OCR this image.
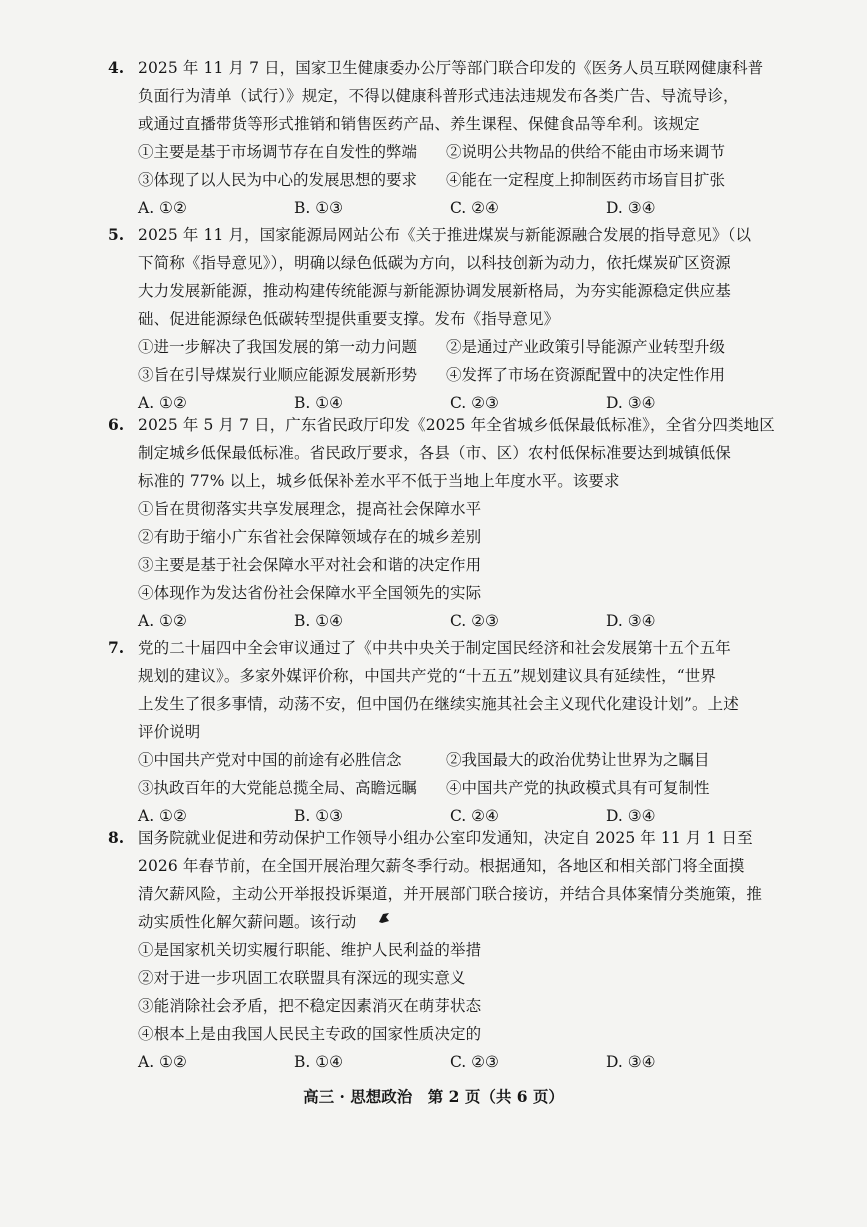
4. 2025 年 11 月 7 日，国家卫生健康委办公厅等部门联合印发的《医务人员互联网健康科普
负面行为清单（试行）》规定，不得以健康科普形式违法违规发布各类广告、导流导诊，
或通过直播带货等形式推销和销售医药产品、养生课程、保健食品等牟利。该规定
①主要是基于市场调节存在自发性的弊端 ②说明公共物品的供给不能由市场来调节
③体现了以人民为中心的发展思想的要求 ④能在一定程度上抑制医药市场盲目扩张
A. ①②	B. ①③	C. ②④	D. ③④
5. 2025 年 11 月，国家能源局网站公布《关于推进煤炭与新能源融合发展的指导意见》（以
下简称《指导意见》），明确以绿色低碳为方向，以科技创新为动力，依托煤炭矿区资源
大力发展新能源，推动构建传统能源与新能源协调发展新格局，为夯实能源稳定供应基
础、促进能源绿色低碳转型提供重要支撑。发布《指导意见》
①进一步解决了我国发展的第一动力问题 ②是通过产业政策引导能源产业转型升级
③旨在引导煤炭行业顺应能源发展新形势 ④发挥了市场在资源配置中的决定性作用
A. ①②	B. ①④	C. ②③	D. ③④
6. 2025 年 5 月 7 日，广东省民政厅印发《2025 年全省城乡低保最低标准》，全省分四类地区
制定城乡低保最低标准。省民政厅要求，各县（市、区）农村低保标准要达到城镇低保
标准的 77% 以上，城乡低保补差水平不低于当地上年度水平。该要求
①旨在贯彻落实共享发展理念，提高社会保障水平
②有助于缩小广东省社会保障领域存在的城乡差别
③主要是基于社会保障水平对社会和谐的决定作用
④体现作为发达省份社会保障水平全国领先的实际
A. ①②	B. ①④	C. ②③	D. ③④
7. 党的二十届四中全会审议通过了《中共中央关于制定国民经济和社会发展第十五个五年
规划的建议》。多家外媒评价称，中国共产党的“十五五”规划建议具有延续性，“世界
上发生了很多事情，动荡不安，但中国仍在继续实施其社会主义现代化建设计划”。上述
评价说明
①中国共产党对中国的前途有必胜信念	②我国最大的政治优势让世界为之瞩目
③执政百年的大党能总揽全局、高瞻远瞩 ④中国共产党的执政模式具有可复制性
A. ①②	B. ①③	C. ②④	D. ③④
8. 国务院就业促进和劳动保护工作领导小组办公室印发通知，决定自 2025 年 11 月 1 日至
2026 年春节前，在全国开展治理欠薪冬季行动。根据通知，各地区和相关部门将全面摸
清欠薪风险，主动公开举报投诉渠道，并开展部门联合接访，并结合具体案情分类施策，推
动实质性化解欠薪问题。该行动
①是国家机关切实履行职能、维护人民利益的举措
②对于进一步巩固工农联盟具有深远的现实意义
③能消除社会矛盾，把不稳定因素消灭在萌芽状态
④根本上是由我国人民民主专政的国家性质决定的
A. ①②	B. ①④	C. ②③	D. ③④
高三 · 思想政治　第 2 页（共 6 页）
